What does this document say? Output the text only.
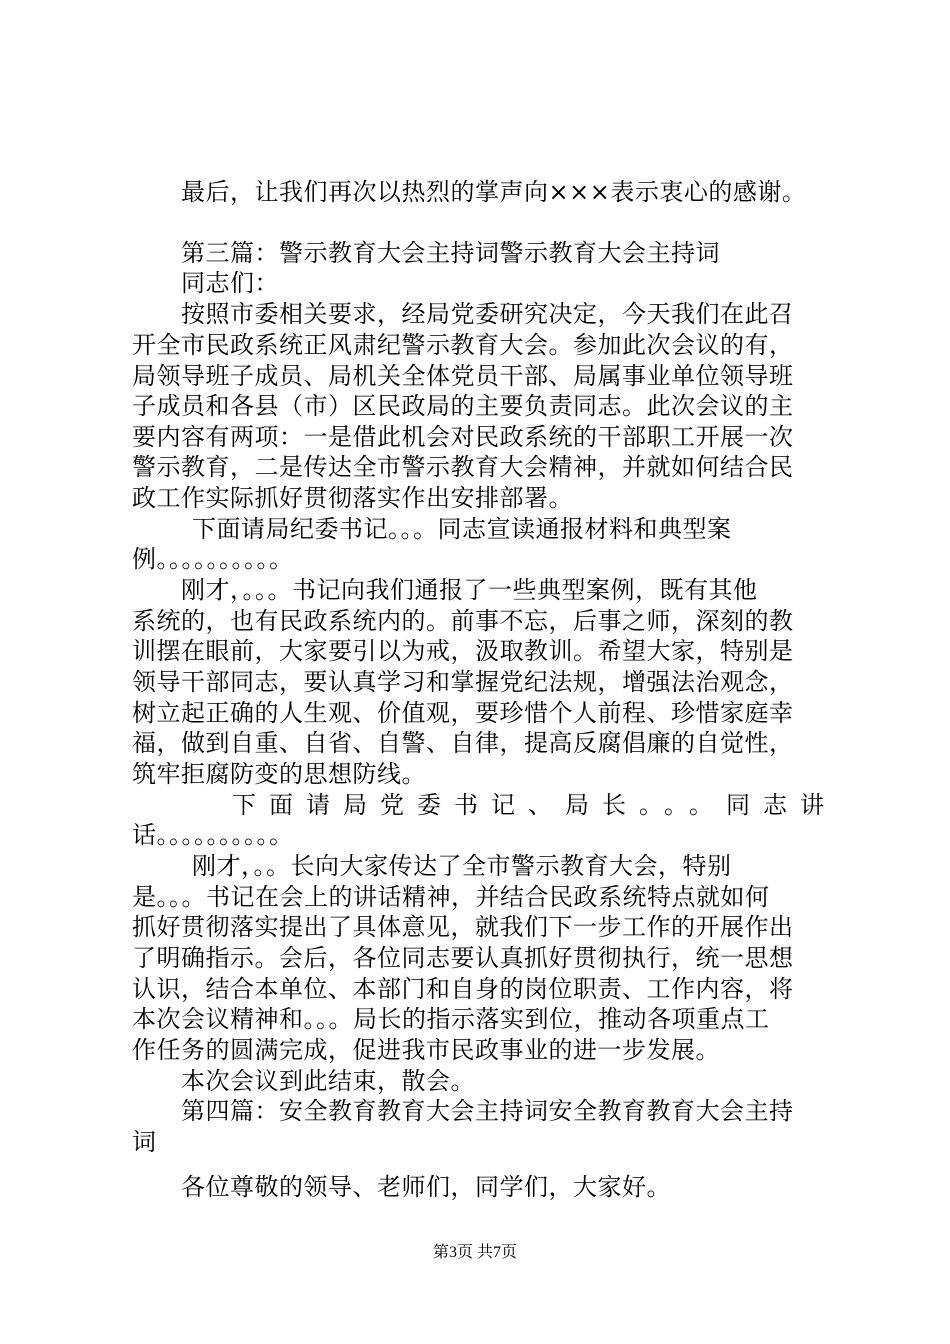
最后，让我们再次以热烈的掌声向×××表示衷心的感谢。

第三篇：警示教育大会主持词警示教育大会主持词

同志们：

按照市委相关要求，经局党委研究决定，今天我们在此召

开全市民政系统正风肃纪警示教育大会。参加此次会议的有，

局领导班子成员、局机关全体党员干部、局属事业单位领导班

子成员和各县（市）区民政局的主要负责同志。此次会议的主

要内容有两项：一是借此机会对民政系统的干部职工开展一次

警示教育，二是传达全市警示教育大会精神，并就如何结合民

政工作实际抓好贯彻落实作出安排部署。

下面请局纪委书记。。。同志宣读通报材料和典型案

例。。。。。。。。。。

刚才，。。。书记向我们通报了一些典型案例，既有其他

系统的，也有民政系统内的。前事不忘，后事之师，深刻的教

训摆在眼前，大家要引以为戒，汲取教训。希望大家，特别是

领导干部同志，要认真学习和掌握党纪法规，增强法治观念，

树立起正确的人生观、价值观，要珍惜个人前程、珍惜家庭幸

福，做到自重、自省、自警、自律，提高反腐倡廉的自觉性，

筑牢拒腐防变的思想防线。

下面请局党委书记、局长。。。同志讲

话。。。。。。。。。。

刚才，。。长向大家传达了全市警示教育大会，特别

是。。。书记在会上的讲话精神，并结合民政系统特点就如何

抓好贯彻落实提出了具体意见，就我们下一步工作的开展作出

了明确指示。会后，各位同志要认真抓好贯彻执行，统一思想

认识，结合本单位、本部门和自身的岗位职责、工作内容，将

本次会议精神和。。。局长的指示落实到位，推动各项重点工

作任务的圆满完成，促进我市民政事业的进一步发展。

本次会议到此结束，散会。

第四篇：安全教育教育大会主持词安全教育教育大会主持

词

各位尊敬的领导、老师们，同学们，大家好。

第3页 共7页
